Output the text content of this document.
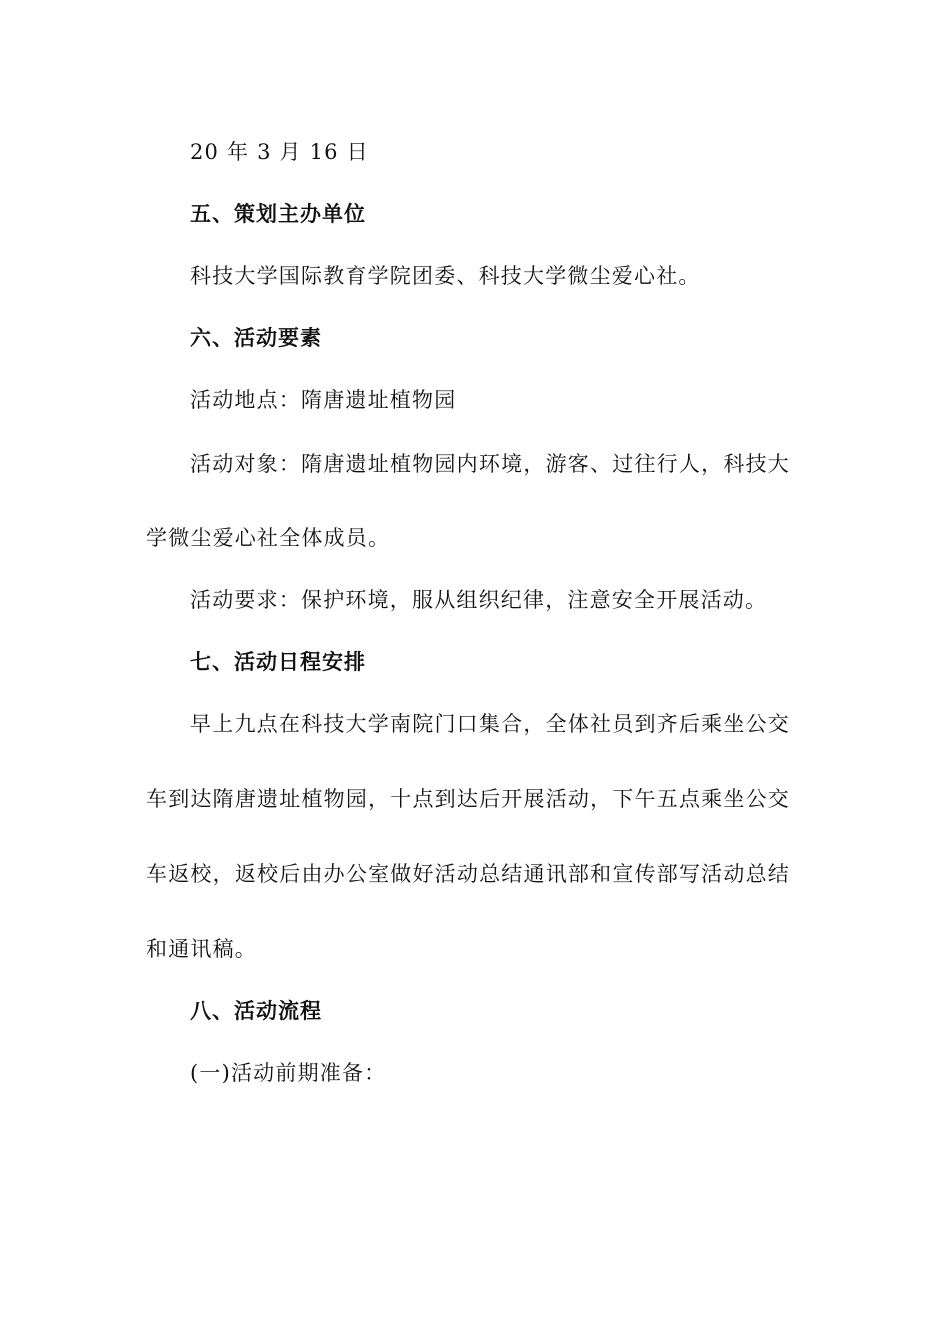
20 年 3 月 16 日
五、策划主办单位
科技大学国际教育学院团委、科技大学微尘爱心社。
六、活动要素
活动地点：隋唐遗址植物园
活动对象：隋唐遗址植物园内环境，游客、过往行人，科技大
学微尘爱心社全体成员。
活动要求：保护环境，服从组织纪律，注意安全开展活动。
七、活动日程安排
早上九点在科技大学南院门口集合，全体社员到齐后乘坐公交
车到达隋唐遗址植物园，十点到达后开展活动，下午五点乘坐公交
车返校，返校后由办公室做好活动总结通讯部和宣传部写活动总结
和通讯稿。
八、活动流程
(一)活动前期准备：
